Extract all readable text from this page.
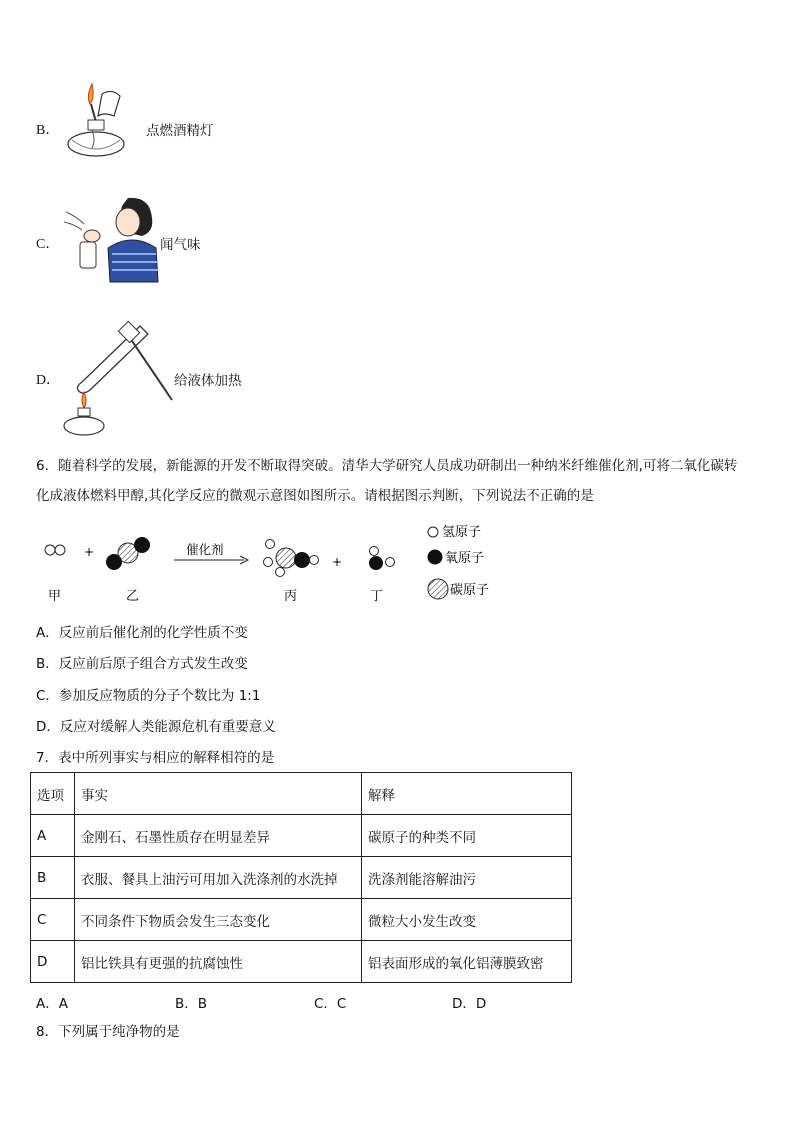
B．	点燃酒精灯
C．	闻气味
D．	给液体加热
6．随着科学的发展，新能源的开发不断取得突破。清华大学研究人员成功研制出一种纳米纤维催化剂,可将二氧化碳转
化成液体燃料甲醇,其化学反应的微观示意图如图所示。请根据图示判断，下列说法不正确的是
+	催化剂
+
甲	乙	丙	丁
氢原子
氧原子
碳原子
A．反应前后催化剂的化学性质不变
B．反应前后原子组合方式发生改变
C．参加反应物质的分子个数比为 1:1
D．反应对缓解人类能源危机有重要意义
7．表中所列事实与相应的解释相符的是
选项	事实	解释
A	金刚石、石墨性质存在明显差异	碳原子的种类不同
B	衣服、餐具上油污可用加入洗涤剂的水洗掉	洗涤剂能溶解油污
C	不同条件下物质会发生三态变化	微粒大小发生改变
D	铝比铁具有更强的抗腐蚀性	铝表面形成的氧化铝薄膜致密
A．A	B．B	C．C	D．D
8．下列属于纯净物的是
